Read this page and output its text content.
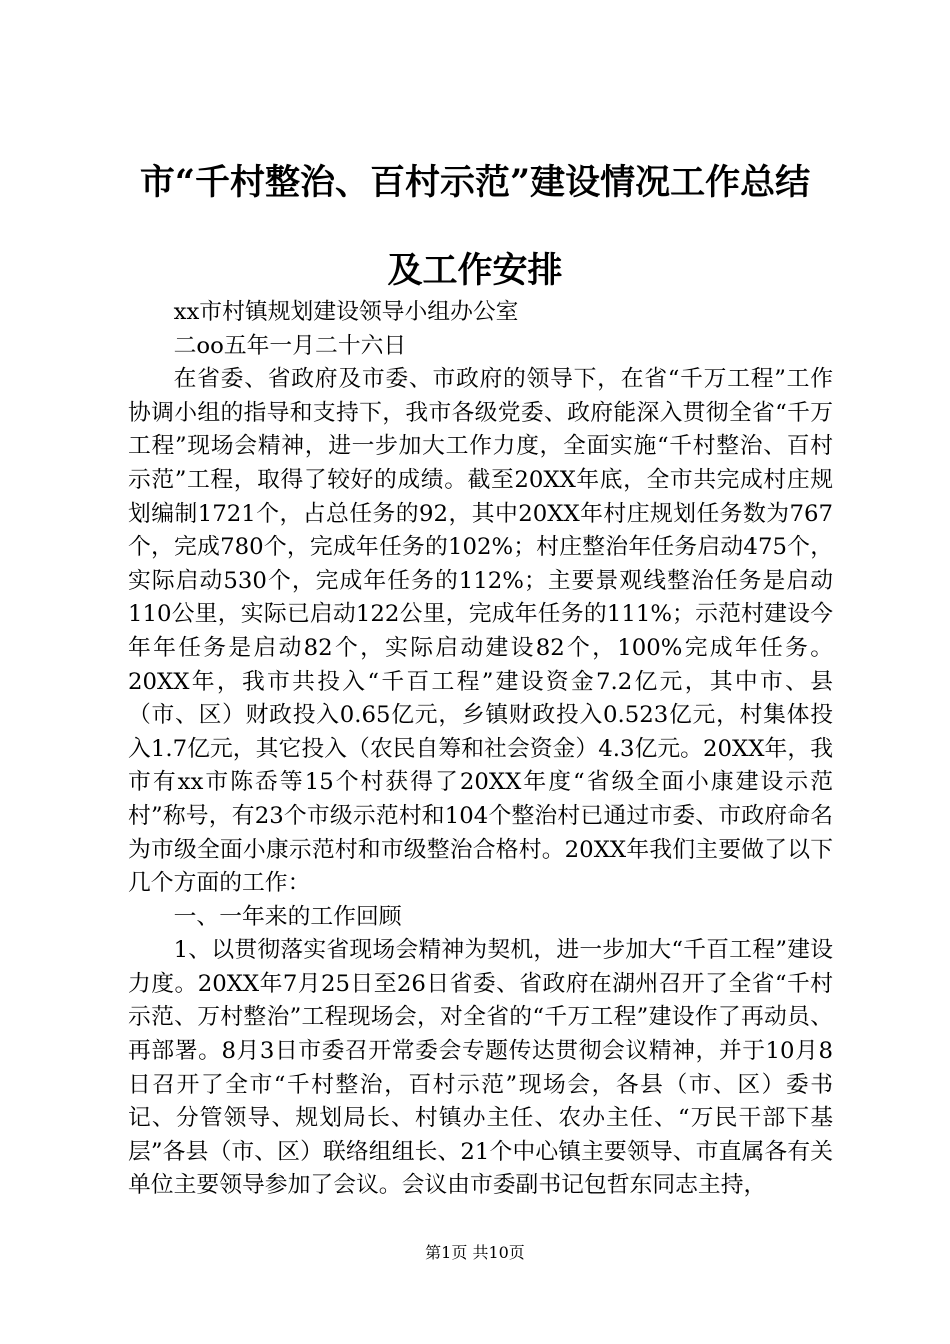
市“千村整治、百村示范”建设情况工作总结
及工作安排
xx市村镇规划建设领导小组办公室
二oo五年一月二十六日

在省委、省政府及市委、市政府的领导下，在省“千万工程”工作协调小组的指导和支持下，我市各级党委、政府能深入贯彻全省“千万工程”现场会精神，进一步加大工作力度，全面实施“千村整治、百村示范”工程，取得了较好的成绩。截至20XX年底，全市共完成村庄规划编制1721个，占总任务的92，其中20XX年村庄规划任务数为767个，完成780个，完成年任务的102%；村庄整治年任务启动475个，实际启动530个，完成年任务的112%；主要景观线整治任务是启动110公里，实际已启动122公里，完成年任务的111%；示范村建设今年年任务是启动82个，实际启动建设82个，100%完成年任务。20XX年，我市共投入“千百工程”建设资金7.2亿元，其中市、县（市、区）财政投入0.65亿元，乡镇财政投入0.523亿元，村集体投入1.7亿元，其它投入（农民自筹和社会资金）4.3亿元。20XX年，我市有xx市陈岙等15个村获得了20XX年度“省级全面小康建设示范村”称号，有23个市级示范村和104个整治村已通过市委、市政府命名为市级全面小康示范村和市级整治合格村。20XX年我们主要做了以下几个方面的工作：

一、一年来的工作回顾

1、以贯彻落实省现场会精神为契机，进一步加大“千百工程”建设力度。20XX年7月25日至26日省委、省政府在湖州召开了全省“千村示范、万村整治”工程现场会，对全省的“千万工程”建设作了再动员、再部署。8月3日市委召开常委会专题传达贯彻会议精神，并于10月8日召开了全市“千村整治，百村示范”现场会，各县（市、区）委书记、分管领导、规划局长、村镇办主任、农办主任、“万民干部下基层”各县（市、区）联络组组长、21个中心镇主要领导、市直属各有关单位主要领导参加了会议。会议由市委副书记包哲东同志主持，

第1页 共10页
